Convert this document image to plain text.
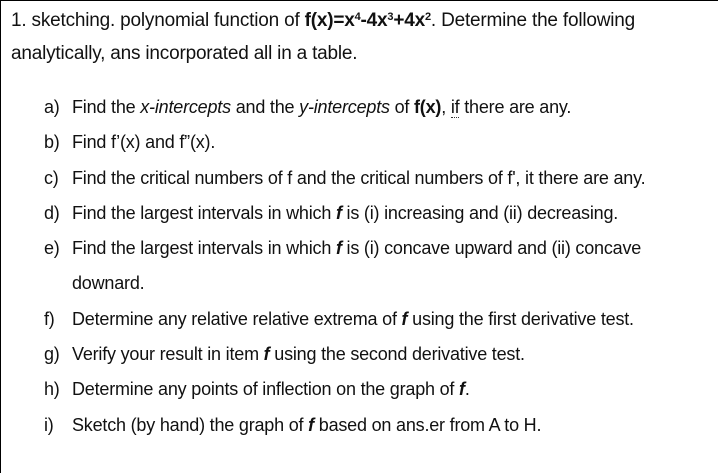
1. sketching. polynomial function of $f(x)=x^4-4x^3+4x^2$. Determine the following
analytically, ans incorporated all in a table.
a) Find the x-intercepts and the y-intercepts of f(x), if there are any.
b) Find f’(x) and f”(x).
c) Find the critical numbers of f and the critical numbers of f', it there are any.
d) Find the largest intervals in which f is (i) increasing and (ii) decreasing.
e) Find the largest intervals in which f is (i) concave upward and (ii) concave
downard.
f) Determine any relative relative extrema of f using the first derivative test.
g) Verify your result in item f using the second derivative test.
h) Determine any points of inflection on the graph of f.
i)	Sketch (by hand) the graph of f based on ans.er from A to H.
